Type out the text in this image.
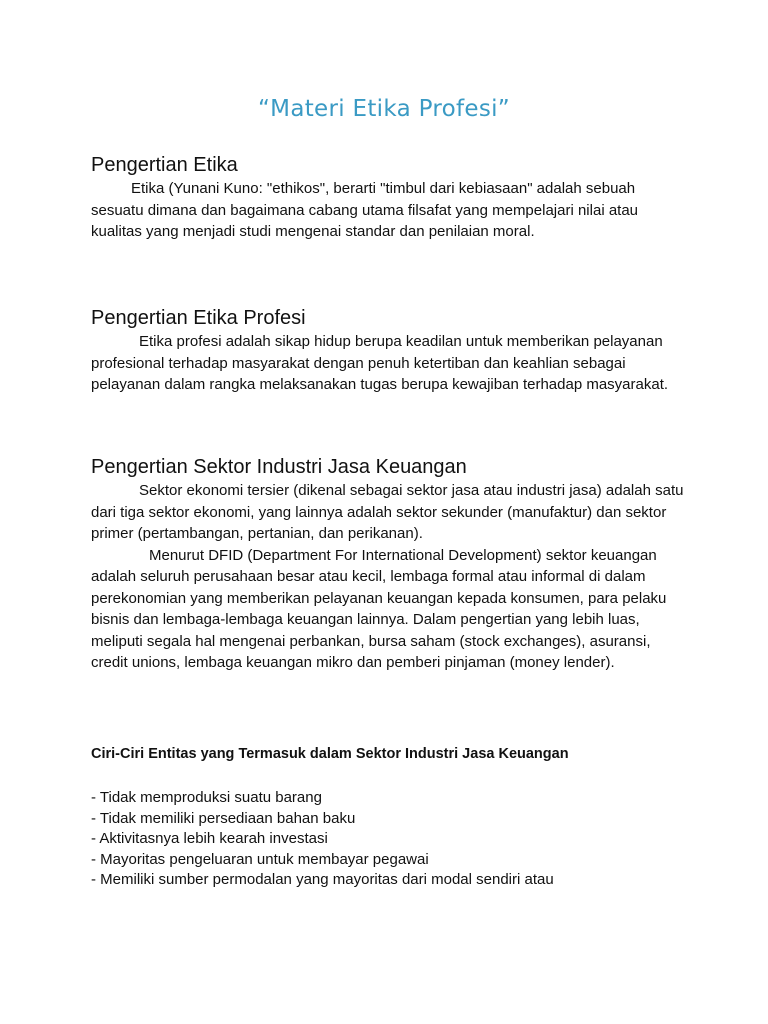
“Materi Etika Profesi”
Pengertian Etika

Etika (Yunani Kuno: "ethikos", berarti "timbul dari kebiasaan" adalah sebuah sesuatu dimana dan bagaimana cabang utama filsafat yang mempelajari nilai atau kualitas yang menjadi studi mengenai standar dan penilaian moral.

Pengertian Etika Profesi

Etika profesi adalah sikap hidup berupa keadilan untuk memberikan pelayanan profesional terhadap masyarakat dengan penuh ketertiban dan keahlian sebagai pelayanan dalam rangka melaksanakan tugas berupa kewajiban terhadap masyarakat.

Pengertian Sektor Industri Jasa Keuangan

Sektor ekonomi tersier (dikenal sebagai sektor jasa atau industri jasa) adalah satu dari tiga sektor ekonomi, yang lainnya adalah sektor sekunder (manufaktur) dan sektor primer (pertambangan, pertanian, dan perikanan).

Menurut DFID (Department For International Development) sektor keuangan adalah seluruh perusahaan besar atau kecil, lembaga formal atau informal di dalam perekonomian yang memberikan pelayanan keuangan kepada konsumen, para pelaku bisnis dan lembaga-lembaga keuangan lainnya. Dalam pengertian yang lebih luas, meliputi segala hal mengenai perbankan, bursa saham (stock exchanges), asuransi, credit unions, lembaga keuangan mikro dan pemberi pinjaman (money lender).

Ciri-Ciri Entitas yang Termasuk dalam Sektor Industri Jasa Keuangan

- Tidak memproduksi suatu barang
- Tidak memiliki persediaan bahan baku
- Aktivitasnya lebih kearah investasi
- Mayoritas pengeluaran untuk membayar pegawai
- Memiliki sumber permodalan yang mayoritas dari modal sendiri atau
